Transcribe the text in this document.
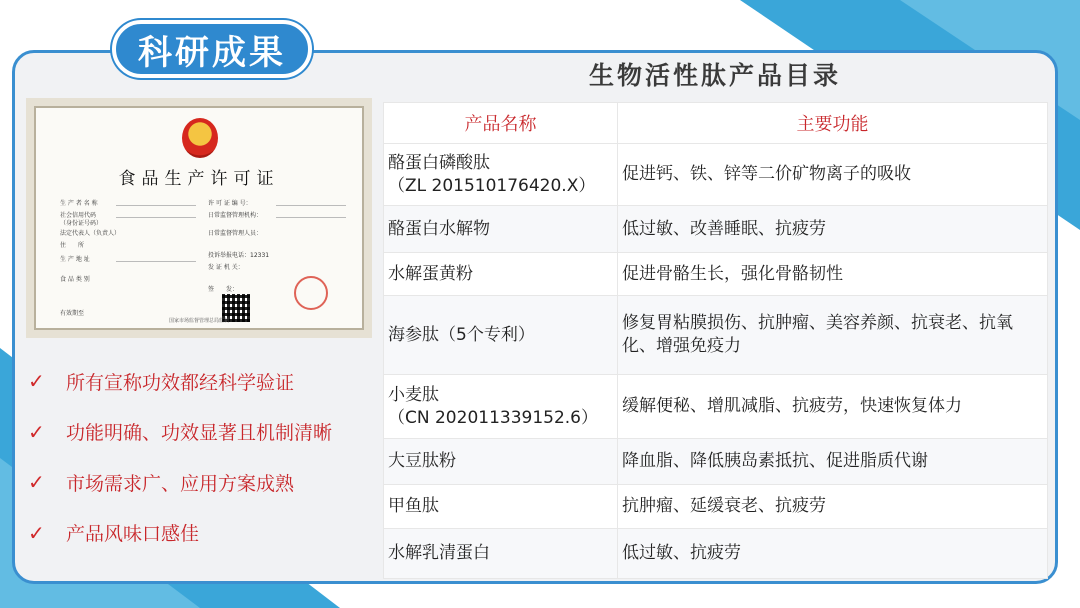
科研成果
食品生产许可证
生 产 者 名 称
社会信用代码
（身份证号码）
法定代表人（负责人）
住　　所
生 产 地 址
食 品 类 别
许 可 证 编 号：
日常监督管理机构：
日常监督管理人员：
投诉举报电话：12331
发 证 机 关：
签　　发：
有效期至
国家市场监督管理总局监制
✓	所有宣称功效都经科学验证
✓	功能明确、功效显著且机制清晰
✓	市场需求广、应用方案成熟
✓	产品风味口感佳
生物活性肽产品目录
产品名称	主要功能
酪蛋白磷酸肽
（ZL 201510176420.X）	促进钙、铁、锌等二价矿物离子的吸收
酪蛋白水解物	低过敏、改善睡眠、抗疲劳
水解蛋黄粉	促进骨骼生长，强化骨骼韧性
海参肽（5个专利）	修复胃粘膜损伤、抗肿瘤、美容养颜、抗衰老、抗氧化、增强免疫力
小麦肽
（CN 202011339152.6）	缓解便秘、增肌减脂、抗疲劳，快速恢复体力
大豆肽粉	降血脂、降低胰岛素抵抗、促进脂质代谢
甲鱼肽	抗肿瘤、延缓衰老、抗疲劳
水解乳清蛋白	低过敏、抗疲劳
